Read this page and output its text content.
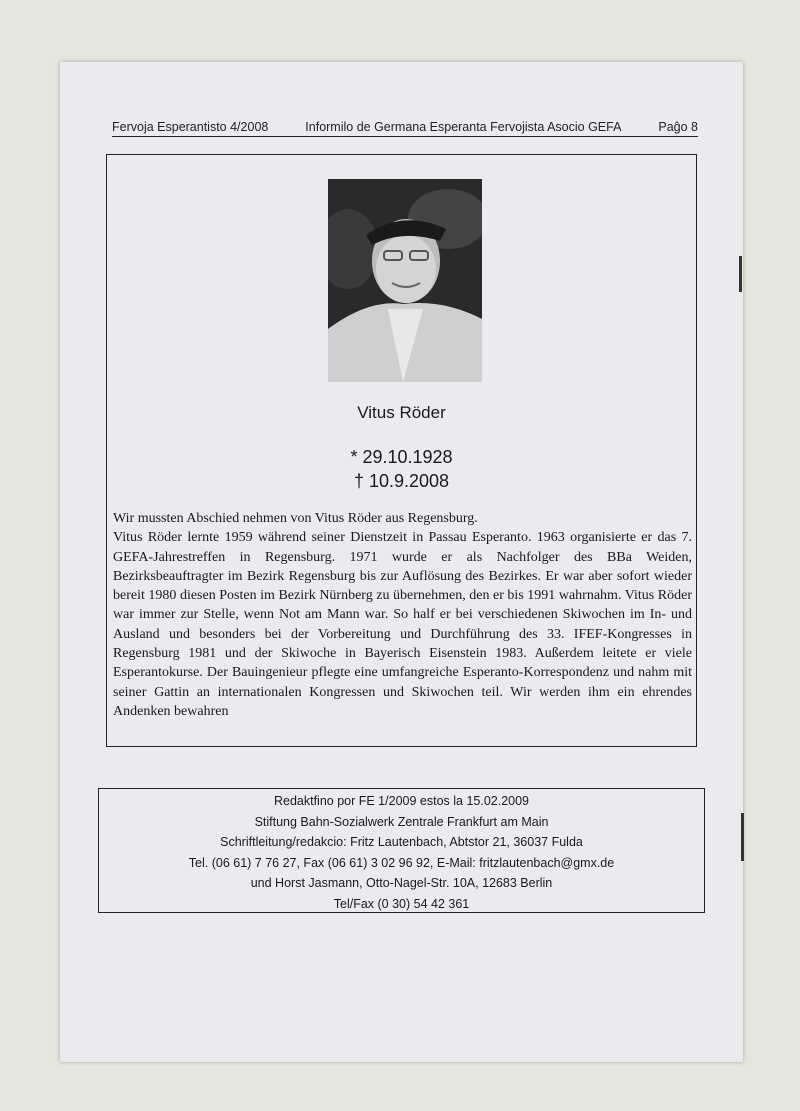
Fervoja Esperantisto 4/2008	Informilo de Germana Esperanta Fervojista Asocio GEFA	Paĝo 8
Vitus Röder
* 29.10.1928
† 10.9.2008

Wir mussten Abschied nehmen von Vitus Röder aus Regensburg.

Vitus Röder lernte 1959 während seiner Dienstzeit in Passau Esperanto. 1963 organisierte er das 7. GEFA-Jahrestreffen in Regensburg. 1971 wurde er als Nachfolger des BBa Weiden, Bezirksbeauftragter im Bezirk Regensburg bis zur Auflösung des Bezirkes. Er war aber sofort wieder bereit 1980 diesen Posten im Bezirk Nürnberg zu übernehmen, den er bis 1991 wahrnahm. Vitus Röder war immer zur Stelle, wenn Not am Mann war. So half er bei verschiedenen Skiwochen im In- und Ausland und besonders bei der Vorbereitung und Durchführung des 33. IFEF-Kongresses in Regensburg 1981 und der Skiwoche in Bayerisch Eisenstein 1983. Außerdem leitete er viele Esperantokurse. Der Bauingenieur pflegte eine umfangreiche Esperanto-Korrespondenz und nahm mit seiner Gattin an internationalen Kongressen und Skiwochen teil. Wir werden ihm ein ehrendes Andenken bewahren

Redaktfino por FE 1/2009 estos la 15.02.2009
Stiftung Bahn-Sozialwerk Zentrale Frankfurt am Main
Schriftleitung/redakcio: Fritz Lautenbach, Abtstor 21, 36037 Fulda
Tel. (06 61) 7 76 27, Fax (06 61) 3 02 96 92, E-Mail: fritzlautenbach@gmx.de
und Horst Jasmann, Otto-Nagel-Str. 10A, 12683 Berlin
Tel/Fax (0 30) 54 42 361
